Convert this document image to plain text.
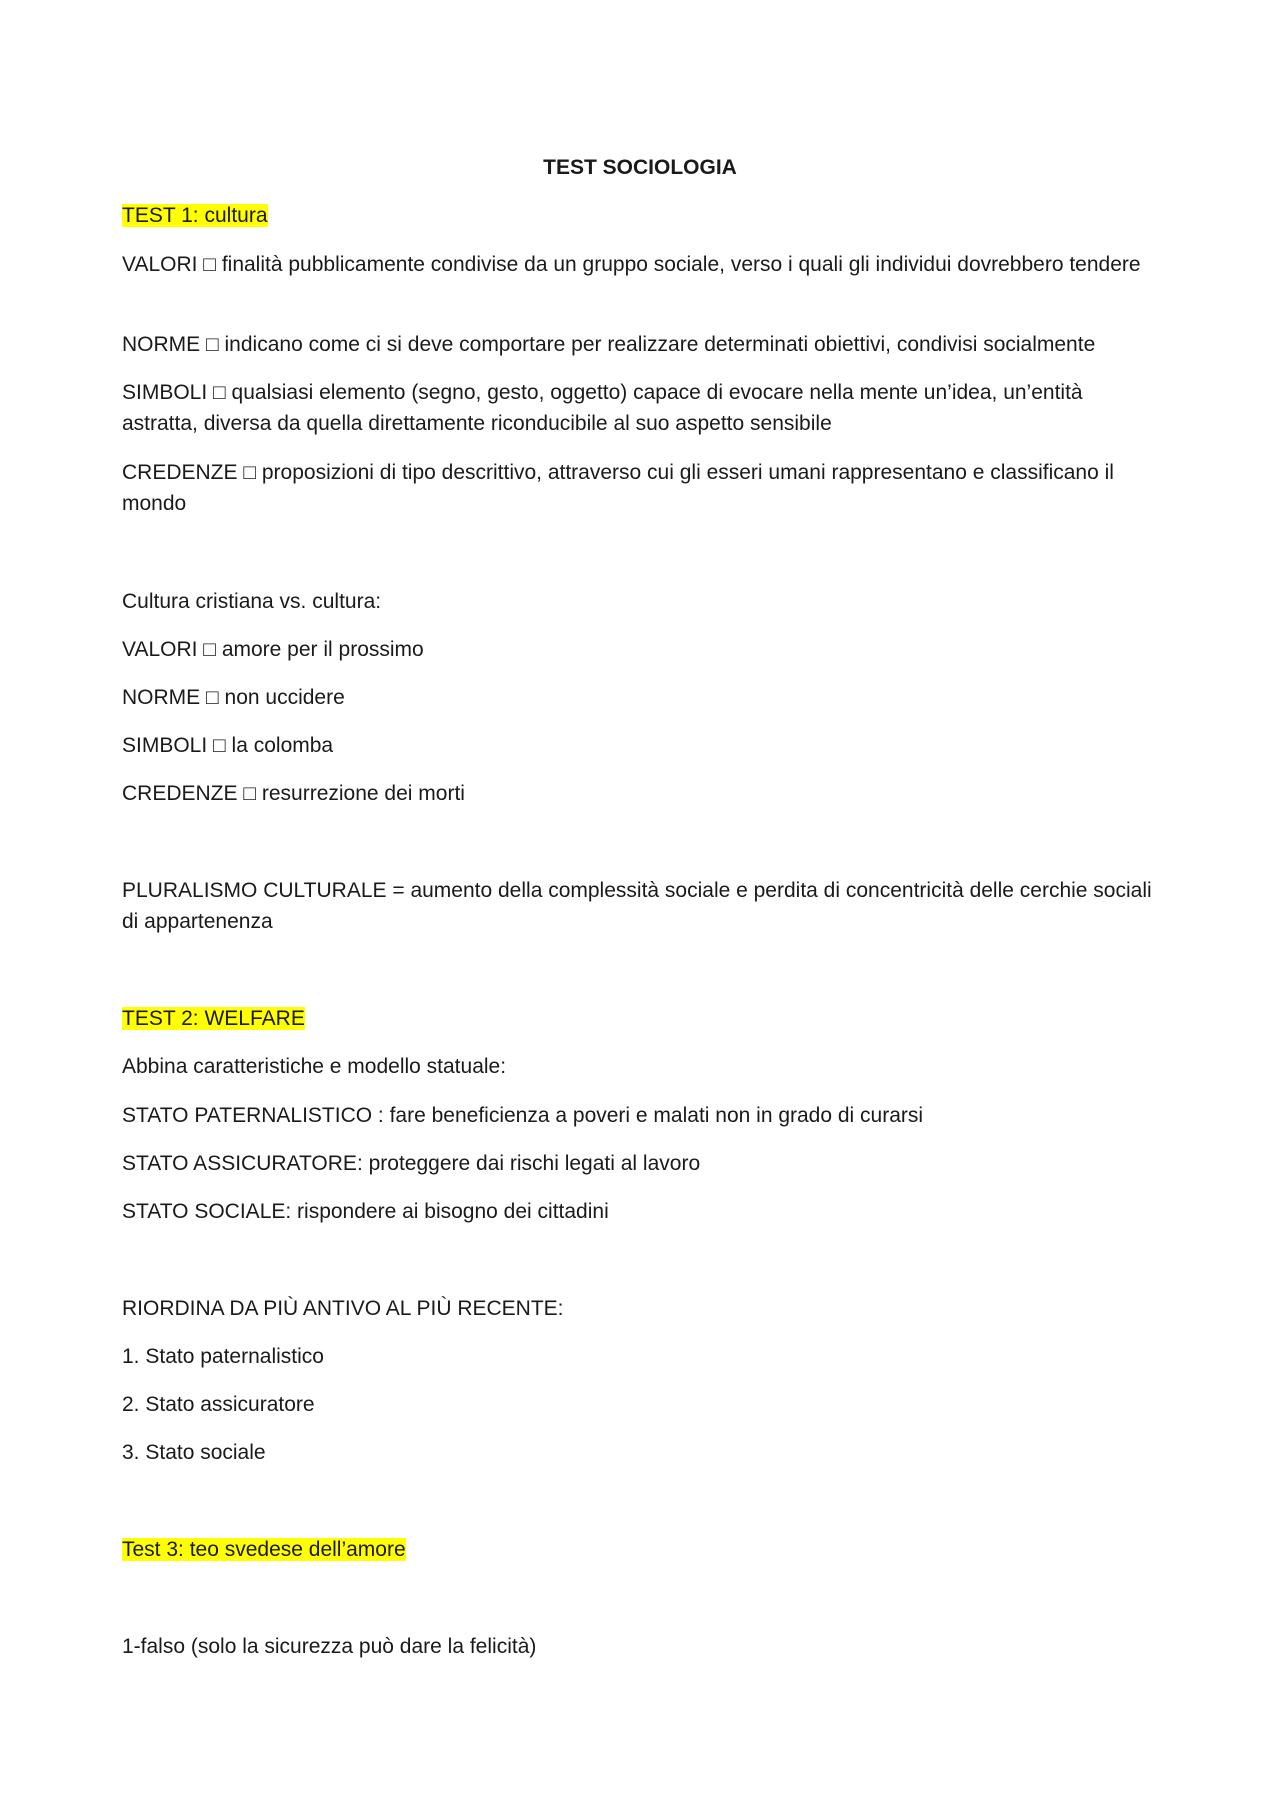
TEST SOCIOLOGIA

TEST 1: cultura

VALORI □ finalità pubblicamente condivise da un gruppo sociale, verso i quali gli individui dovrebbero tendere

NORME □ indicano come ci si deve comportare per realizzare determinati obiettivi, condivisi socialmente

SIMBOLI □ qualsiasi elemento (segno, gesto, oggetto) capace di evocare nella mente un’idea, un’entità astratta, diversa da quella direttamente riconducibile al suo aspetto sensibile

CREDENZE □ proposizioni di tipo descrittivo, attraverso cui gli esseri umani rappresentano e classificano il mondo

Cultura cristiana vs. cultura:

VALORI □ amore per il prossimo

NORME □ non uccidere

SIMBOLI □ la colomba

CREDENZE □ resurrezione dei morti

PLURALISMO CULTURALE = aumento della complessità sociale e perdita di concentricità delle cerchie sociali di appartenenza

TEST 2: WELFARE

Abbina caratteristiche e modello statuale:

STATO PATERNALISTICO : fare beneficienza a poveri e malati non in grado di curarsi

STATO ASSICURATORE: proteggere dai rischi legati al lavoro

STATO SOCIALE: rispondere ai bisogno dei cittadini

RIORDINA DA PIÙ ANTIVO AL PIÙ RECENTE:

1. Stato paternalistico

2. Stato assicuratore

3. Stato sociale

Test 3: teo svedese dell’amore

1-falso (solo la sicurezza può dare la felicità)
